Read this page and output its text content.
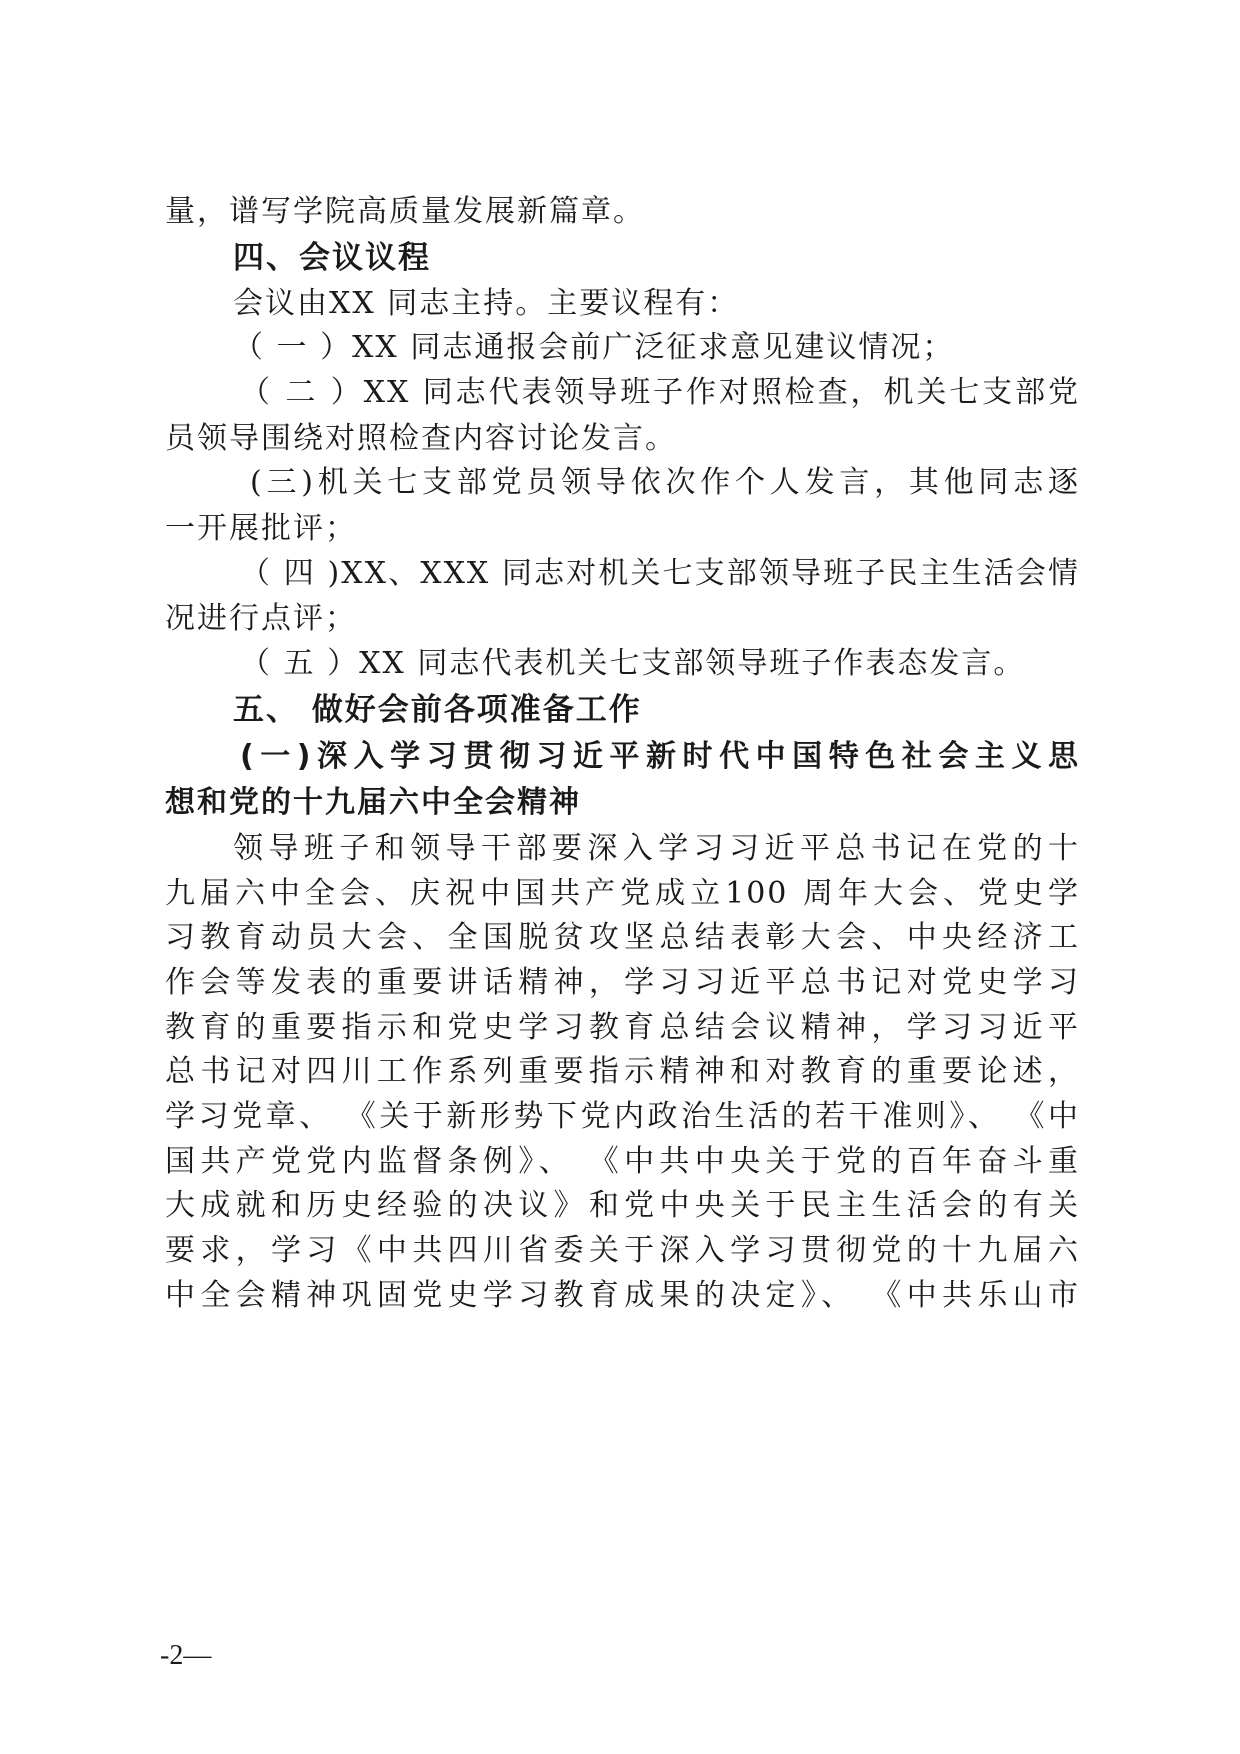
量，谱写学院高质量发展新篇章。
四、会议议程
会议由XX 同志主持。主要议程有：
（ 一 ）XX 同志通报会前广泛征求意见建议情况；
（ 二 ）XX 同志代表领导班子作对照检查，机关七支部党
员领导围绕对照检查内容讨论发言。
(三)机关七支部党员领导依次作个人发言，其他同志逐
一开展批评；
（ 四 )XX、XXX 同志对机关七支部领导班子民主生活会情
况进行点评；
（ 五 ）XX 同志代表机关七支部领导班子作表态发言。
五、 做好会前各项准备工作
(一)深入学习贯彻习近平新时代中国特色社会主义思
想和党的十九届六中全会精神
领导班子和领导干部要深入学习习近平总书记在党的十
九届六中全会、庆祝中国共产党成立100 周年大会、党史学
习教育动员大会、全国脱贫攻坚总结表彰大会、中央经济工
作会等发表的重要讲话精神，学习习近平总书记对党史学习
教育的重要指示和党史学习教育总结会议精神，学习习近平
总书记对四川工作系列重要指示精神和对教育的重要论述，
学习党章、 《关于新形势下党内政治生活的若干准则》、 《中
国共产党党内监督条例》、 《中共中央关于党的百年奋斗重
大成就和历史经验的决议》和党中央关于民主生活会的有关
要求，学习《中共四川省委关于深入学习贯彻党的十九届六
中全会精神巩固党史学习教育成果的决定》、 《中共乐山市
-2—
